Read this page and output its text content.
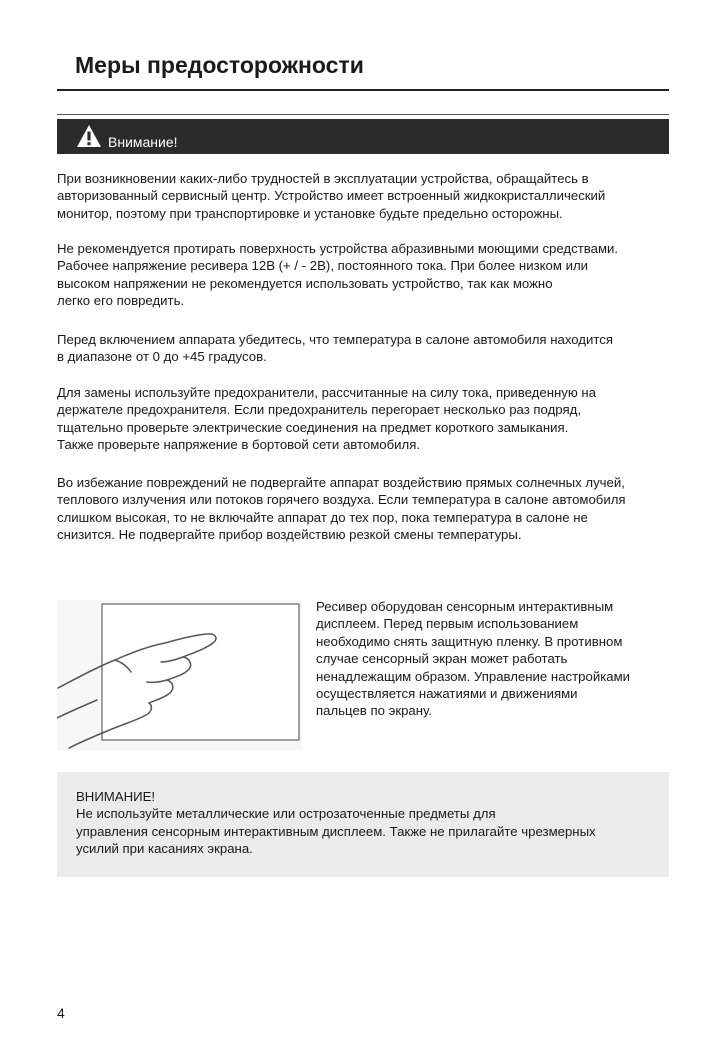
Меры предосторожности
Внимание!

При возникновении каких-либо трудностей в эксплуатации устройства, обращайтесь в
авторизованный сервисный центр. Устройство имеет встроенный жидкокристаллический
монитор, поэтому при транспортировке и установке будьте предельно осторожны.

Не рекомендуется протирать поверхность устройства абразивными моющими средствами.
Рабочее напряжение ресивера 12В (+ / - 2В), постоянного тока. При более низком или
высоком напряжении не рекомендуется использовать устройство, так как можно
легко его повредить.

Перед включением аппарата убедитесь, что температура в салоне автомобиля находится
в диапазоне от 0 до +45 градусов.

Для замены используйте предохранители, рассчитанные на силу тока, приведенную на
держателе предохранителя. Если предохранитель перегорает несколько раз подряд,
тщательно проверьте электрические соединения на предмет короткого замыкания.
Также проверьте напряжение в бортовой сети автомобиля.

Во избежание повреждений не подвергайте аппарат воздействию прямых солнечных лучей,
теплового излучения или потоков горячего воздуха. Если температура в салоне автомобиля
слишком высокая, то не включайте аппарат до тех пор, пока температура в салоне не
снизится. Не подвергайте прибор воздействию резкой смены температуры.

Ресивер оборудован сенсорным интерактивным
дисплеем. Перед первым использованием
необходимо снять защитную пленку. В противном
случае сенсорный экран может работать
ненадлежащим образом. Управление настройками
осуществляется нажатиями и движениями
пальцев по экрану.

ВНИМАНИЕ!
Не используйте металлические или острозаточенные предметы для
управления сенсорным интерактивным дисплеем. Также не прилагайте чрезмерных
усилий при касаниях экрана.

4
